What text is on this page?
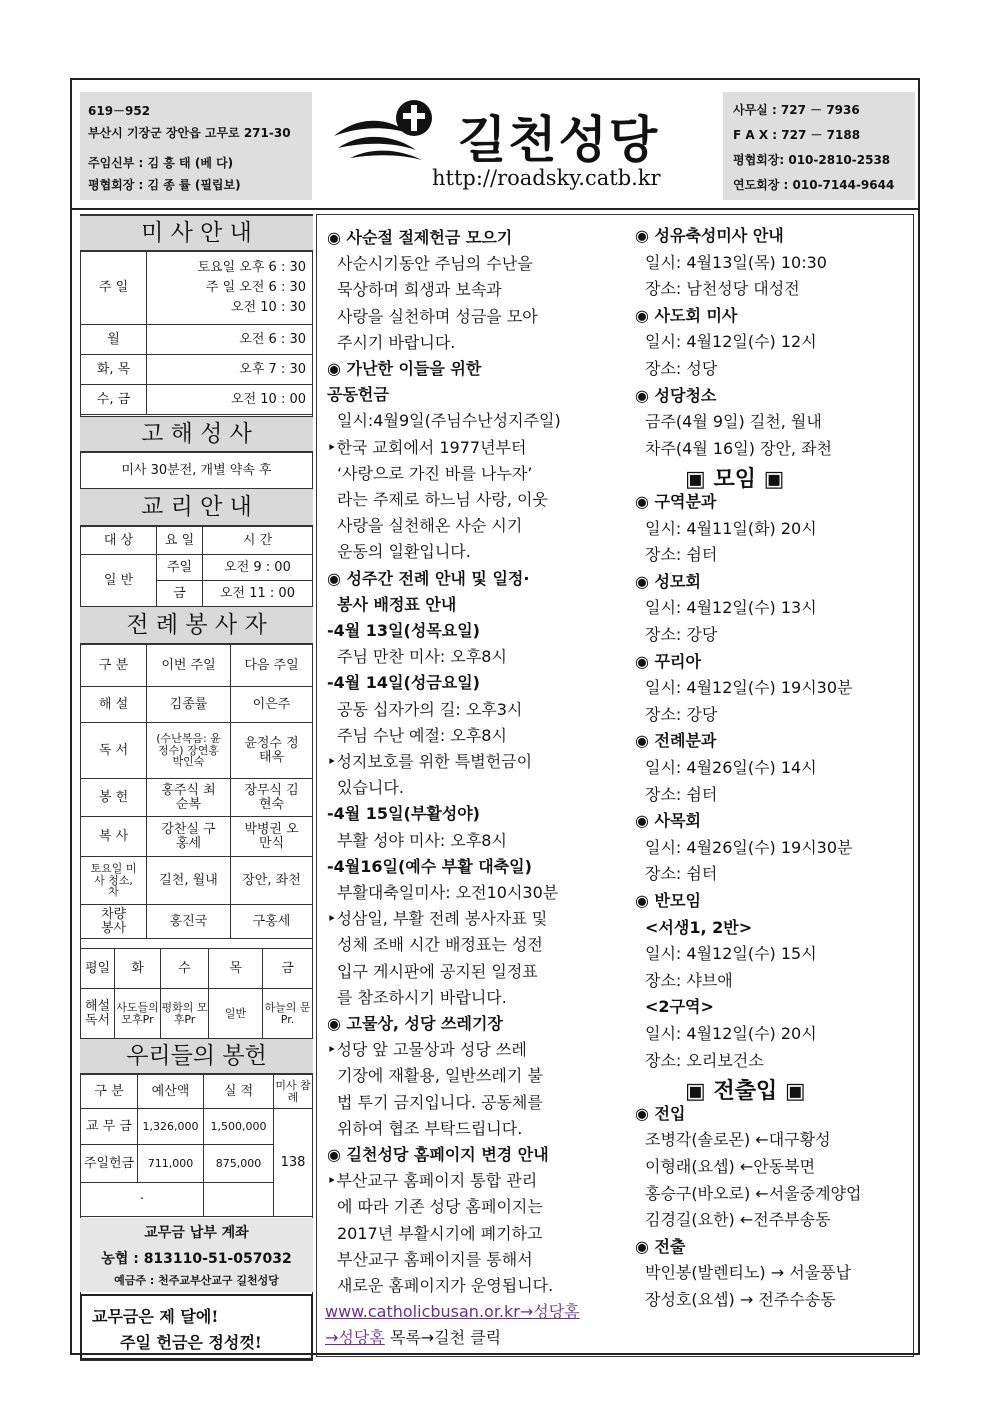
619－952
부산시 기장군 장안읍 고무로 271-30
주임신부 : 김 흥 태 (베 다)
평협회장 : 김 종 률 (필립보)
길천성당
http://roadsky.catb.kr
사무실 : 727 － 7936
F A X : 727 － 7188
평협회장: 010-2810-2538
연도회장 : 010-7144-9644
미 사 안 내
주 일	토요일 오후 6 : 30
주 일 오전 6 : 30
오전 10 : 30

월	오전 6 : 30
화, 목	오후 7 : 30
수, 금	오전 10 : 00
고 해 성 사
미사 30분전, 개별 약속 후
교 리 안 내
대 상	요 일	시 간
일 반	주일	오전 9 : 00
	금	오전 11 : 00
전 례 봉 사 자
구 분	이번 주일	다음 주일
해 설	김종률	이은주
독 서	(수난복음: 윤정수) 장연홍 박인숙	윤정수 정태옥
봉 헌	홍주식 최순복	장무식 김현숙
복 사	강찬실 구홍세	박병권 오만식
토요일 미사 청소, 차	길천, 월내	장안, 좌천
차량 봉사	홍진국	구홍세
평일	화	수	목	금
해설 독서	사도들의모후Pr	평화의 모후Pr	일반	하늘의 문Pr.
우리들의 봉헌
구 분	예산액	실 적	미사 참례
교 무 금	1,326,000	1,500,000	138
주일헌금	711,000	875,000	
·			
교무금 납부 계좌
농협 : 813110-51-057032
예금주 : 천주교부산교구 길천성당
교무금은 제 달에!
주일 헌금은 정성껏!
◉ 사순절 절제헌금 모으기
사순시기동안 주님의 수난을
묵상하며 희생과 보속과
사랑을 실천하며 성금을 모아
주시기 바랍니다.
◉ 가난한 이들을 위한
공동헌금
일시:4월9일(주님수난성지주일)
‣한국 교회에서 1977년부터
‘사랑으로 가진 바를 나누자’
라는 주제로 하느님 사랑, 이웃
사랑을 실천해온 사순 시기
운동의 일환입니다.
◉ 성주간 전례 안내 및 일정·
봉사 배정표 안내
-4월 13일(성목요일)
주님 만찬 미사: 오후8시
-4월 14일(성금요일)
공동 십자가의 길: 오후3시
주님 수난 예절: 오후8시
‣성지보호를 위한 특별헌금이
있습니다.
-4월 15일(부활성야)
부활 성야 미사: 오후8시
-4월16일(예수 부활 대축일)
부활대축일미사: 오전10시30분
‣성삼일, 부활 전례 봉사자표 및
성체 조배 시간 배정표는 성전
입구 게시판에 공지된 일정표
를 참조하시기 바랍니다.
◉ 고물상, 성당 쓰레기장
‣성당 앞 고물상과 성당 쓰레
기장에 재활용, 일반쓰레기 불
법 투기 금지입니다. 공동체를
위하여 협조 부탁드립니다.
◉ 길천성당 홈페이지 변경 안내
‣부산교구 홈페이지 통합 관리
에 따라 기존 성당 홈페이지는
2017년 부활시기에 폐기하고
부산교구 홈페이지를 통해서
새로운 홈페이지가 운영됩니다.
www.catholicbusan.or.kr→성당홈
→성당홈 목록→길천 클릭
◉ 성유축성미사 안내
일시: 4월13일(목) 10:30
장소: 남천성당 대성전
◉ 사도회 미사
일시: 4월12일(수) 12시
장소: 성당
◉ 성당청소
금주(4월 9일) 길천, 월내
차주(4월 16일) 장안, 좌천
▣ 모임 ▣
◉ 구역분과
일시: 4월11일(화) 20시
장소: 쉼터
◉ 성모회
일시: 4월12일(수) 13시
장소: 강당
◉ 꾸리아
일시: 4월12일(수) 19시30분
장소: 강당
◉ 전례분과
일시: 4월26일(수) 14시
장소: 쉼터
◉ 사목회
일시: 4월26일(수) 19시30분
장소: 쉼터
◉ 반모임
<서생1, 2반>
일시: 4월12일(수) 15시
장소: 샤브애
<2구역>
일시: 4월12일(수) 20시
장소: 오리보건소
▣ 전출입 ▣
◉ 전입
조병각(솔로몬) ←대구황성
이형래(요셉) ←안동북면
홍승구(바오로) ←서울중계양업
김경길(요한) ←전주부송동
◉ 전출
박인봉(발렌티노) → 서울풍납
장성호(요셉) → 전주수송동
